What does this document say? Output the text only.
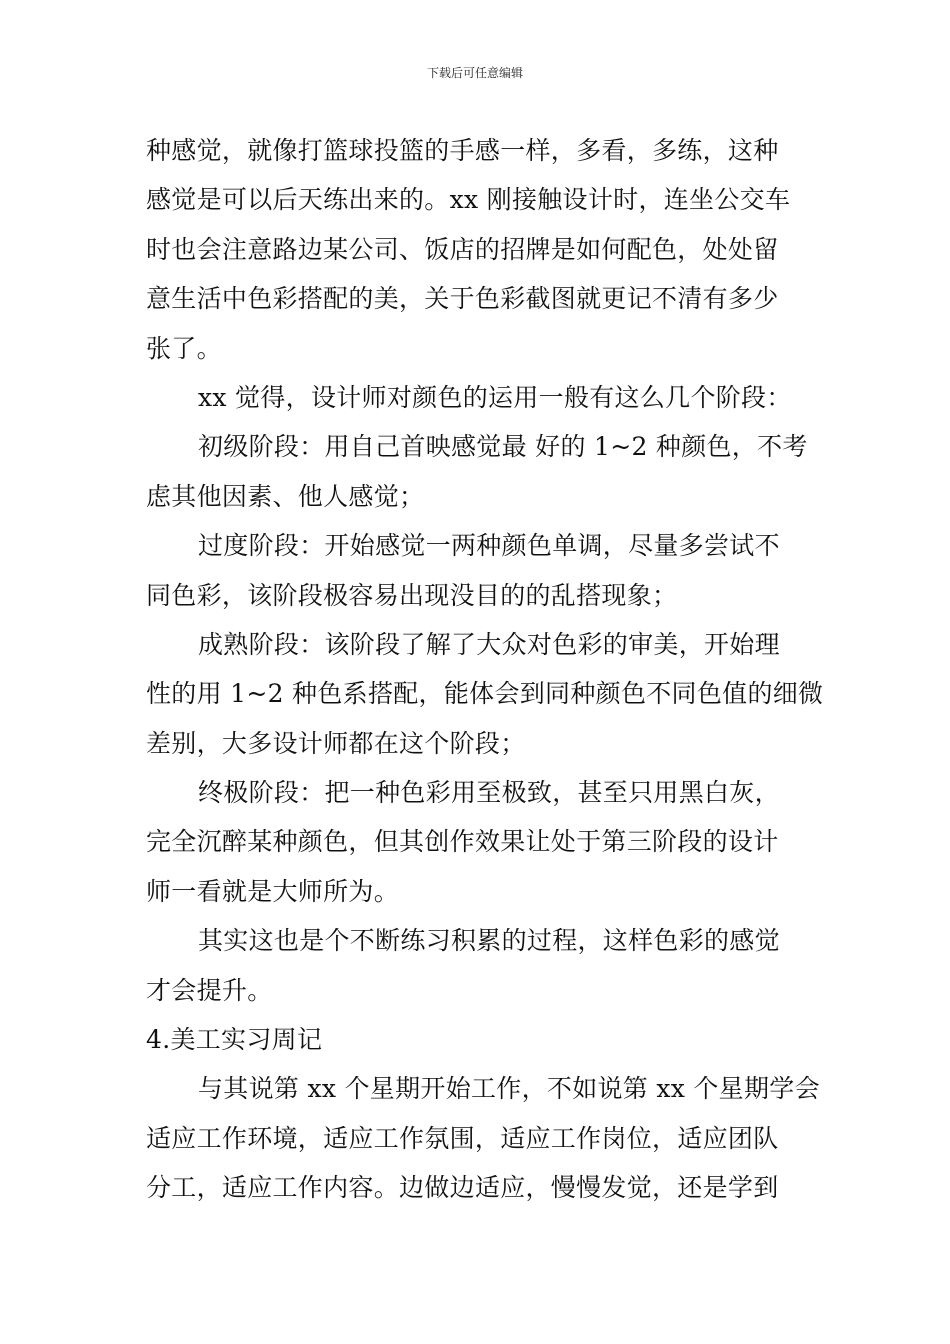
下载后可任意编辑

种感觉，就像打篮球投篮的手感一样，多看，多练，这种
感觉是可以后天练出来的。xx 刚接触设计时，连坐公交车
时也会注意路边某公司、饭店的招牌是如何配色，处处留
意生活中色彩搭配的美，关于色彩截图就更记不清有多少
张了。

xx 觉得，设计师对颜色的运用一般有这么几个阶段：

初级阶段：用自己首映感觉最 好的 1~2 种颜色，不考
虑其他因素、他人感觉；

过度阶段：开始感觉一两种颜色单调，尽量多尝试不
同色彩，该阶段极容易出现没目的的乱搭现象；

成熟阶段：该阶段了解了大众对色彩的审美，开始理
性的用 1~2 种色系搭配，能体会到同种颜色不同色值的细微
差别，大多设计师都在这个阶段；

终极阶段：把一种色彩用至极致，甚至只用黑白灰，
完全沉醉某种颜色，但其创作效果让处于第三阶段的设计
师一看就是大师所为。

其实这也是个不断练习积累的过程，这样色彩的感觉
才会提升。

4.美工实习周记

与其说第 xx 个星期开始工作，不如说第 xx 个星期学会
适应工作环境，适应工作氛围，适应工作岗位，适应团队
分工，适应工作内容。边做边适应，慢慢发觉，还是学到
